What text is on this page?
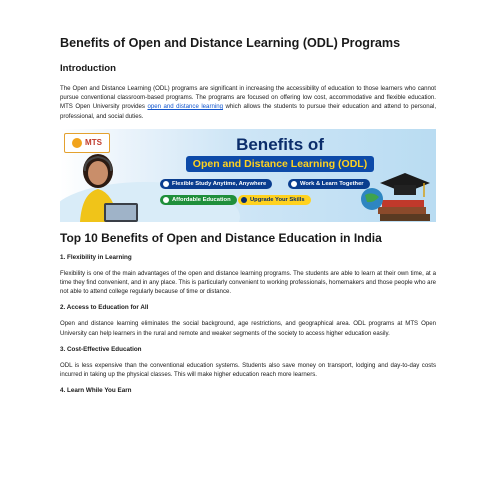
Benefits of Open and Distance Learning (ODL) Programs
Introduction

The Open and Distance Learning (ODL) programs are significant in increasing the accessibility of education to those learners who cannot pursue conventional classroom-based programs. The programs are focused on offering low cost, accommodative and flexible education. MTS Open University provides open and distance learning which allows the students to pursue their education and attend to personal, professional, and social duties.

MTS	Benefits of
Open and Distance Learning (ODL)
Flexible Study Anytime, Anywhere	Work & Learn Together
Affordable Education	Upgrade Your Skills
Top 10 Benefits of Open and Distance Education in India
1. Flexibility in Learning

Flexibility is one of the main advantages of the open and distance learning programs. The students are able to learn at their own time, at a time they find convenient, and in any place. This is particularly convenient to working professionals, homemakers and those people who are not able to attend college regularly because of time or distance.

2. Access to Education for All

Open and distance learning eliminates the social background, age restrictions, and geographical area. ODL programs at MTS Open University can help learners in the rural and remote and weaker segments of the society to access higher education easily.

3. Cost-Effective Education

ODL is less expensive than the conventional education systems. Students also save money on transport, lodging and day-to-day costs incurred in taking up the physical classes. This will make higher education reach more learners.

4. Learn While You Earn
